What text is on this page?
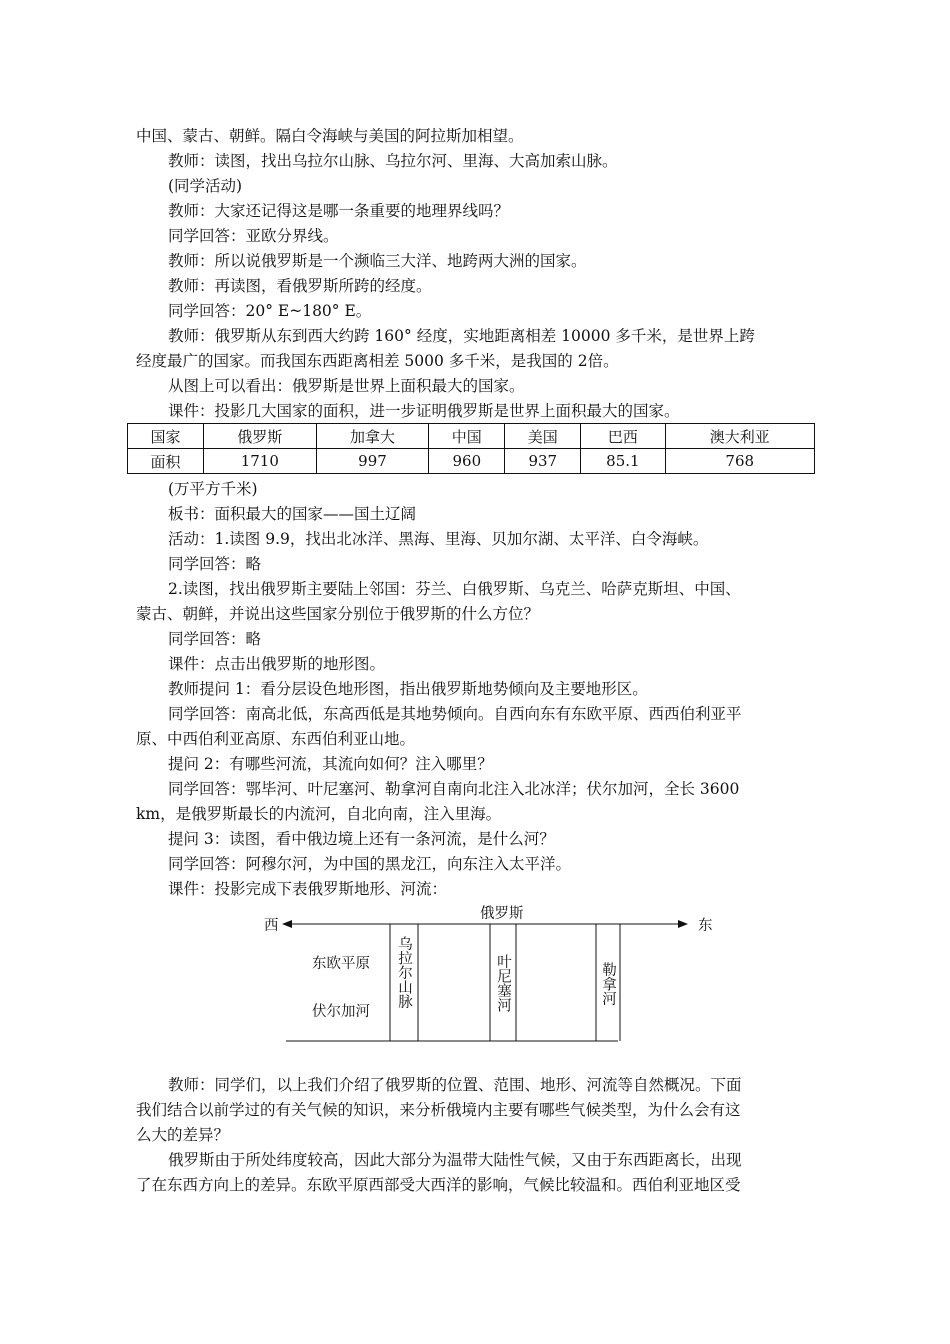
中国、蒙古、朝鲜。隔白令海峡与美国的阿拉斯加相望。
教师：读图，找出乌拉尔山脉、乌拉尔河、里海、大高加索山脉。
(同学活动)
教师：大家还记得这是哪一条重要的地理界线吗？
同学回答：亚欧分界线。
教师：所以说俄罗斯是一个濒临三大洋、地跨两大洲的国家。
教师：再读图，看俄罗斯所跨的经度。
同学回答：20° E~180° E。
教师：俄罗斯从东到西大约跨 160° 经度，实地距离相差 10000 多千米，是世界上跨
经度最广的国家。而我国东西距离相差 5000 多千米，是我国的 2倍。
从图上可以看出：俄罗斯是世界上面积最大的国家。
课件：投影几大国家的面积，进一步证明俄罗斯是世界上面积最大的国家。
国家	俄罗斯	加拿大	中国	美国	巴西	澳大利亚
面积	1710	997	960	937	85.1	768
(万平方千米)
板书：面积最大的国家——国土辽阔
活动：1.读图 9.9，找出北冰洋、黑海、里海、贝加尔湖、太平洋、白令海峡。
同学回答：略
2.读图，找出俄罗斯主要陆上邻国：芬兰、白俄罗斯、乌克兰、哈萨克斯坦、中国、
蒙古、朝鲜，并说出这些国家分别位于俄罗斯的什么方位？
同学回答：略
课件：点击出俄罗斯的地形图。
教师提问 1：看分层设色地形图，指出俄罗斯地势倾向及主要地形区。
同学回答：南高北低，东高西低是其地势倾向。自西向东有东欧平原、西西伯利亚平
原、中西伯利亚高原、东西伯利亚山地。
提问 2：有哪些河流，其流向如何？注入哪里？
同学回答：鄂毕河、叶尼塞河、勒拿河自南向北注入北冰洋；伏尔加河，全长 3600
km，是俄罗斯最长的内流河，自北向南，注入里海。
提问 3：读图，看中俄边境上还有一条河流，是什么河？
同学回答：阿穆尔河，为中国的黑龙江，向东注入太平洋。
课件：投影完成下表俄罗斯地形、河流：
西	东
俄罗斯
东欧平原
伏尔加河
乌拉尔山脉	叶尼塞河	勒拿河
教师：同学们，以上我们介绍了俄罗斯的位置、范围、地形、河流等自然概况。下面
我们结合以前学过的有关气候的知识，来分析俄境内主要有哪些气候类型，为什么会有这
么大的差异？
俄罗斯由于所处纬度较高，因此大部分为温带大陆性气候，又由于东西距离长，出现
了在东西方向上的差异。东欧平原西部受大西洋的影响，气候比较温和。西伯利亚地区受
